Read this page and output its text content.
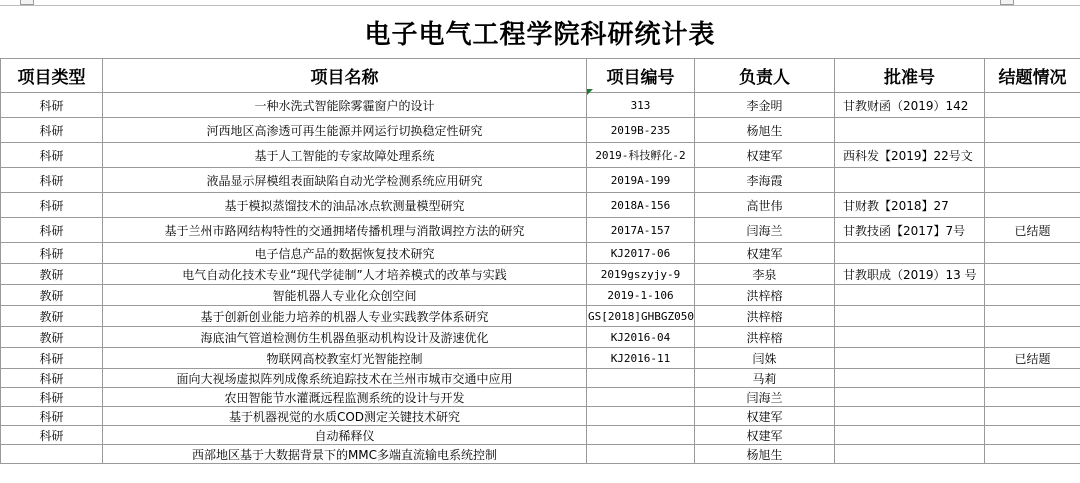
电子电气工程学院科研统计表
项目类型	项目名称	项目编号	负责人	批准号	结题情况
科研	一种水洗式智能除雾霾窗户的设计	313	李金明	甘教财函（2019）142	
科研	河西地区高渗透可再生能源并网运行切换稳定性研究	2019B-235	杨旭生		
科研	基于人工智能的专家故障处理系统	2019-科技孵化-2	权建军	西科发【2019】22号文	
科研	液晶显示屏模组表面缺陷自动光学检测系统应用研究	2019A-199	李海霞		
科研	基于模拟蒸馏技术的油品冰点软测量模型研究	2018A-156	高世伟	甘财教【2018】27	
科研	基于兰州市路网结构特性的交通拥堵传播机理与消散调控方法的研究	2017A-157	闫海兰	甘教技函【2017】7号	已结题
科研	电子信息产品的数据恢复技术研究	KJ2017-06	权建军		
教研	电气自动化技术专业“现代学徒制”人才培养模式的改革与实践	2019gszyjy-9	李泉	甘教职成（2019）13 号	
教研	智能机器人专业化众创空间	2019-1-106	洪梓榕		
教研	基于创新创业能力培养的机器人专业实践教学体系研究	GS[2018]GHBGZ050	洪梓榕		
教研	海底油气管道检测仿生机器鱼驱动机构设计及游速优化	KJ2016-04	洪梓榕		
科研	物联网高校教室灯光智能控制	KJ2016-11	闫姝		已结题
科研	面向大视场虚拟阵列成像系统追踪技术在兰州市城市交通中应用		马莉		
科研	农田智能节水灌溉远程监测系统的设计与开发		闫海兰		
科研	基于机器视觉的水质COD测定关键技术研究		权建军		
科研	自动稀释仪		权建军		
	西部地区基于大数据背景下的MMC多端直流输电系统控制		杨旭生		
